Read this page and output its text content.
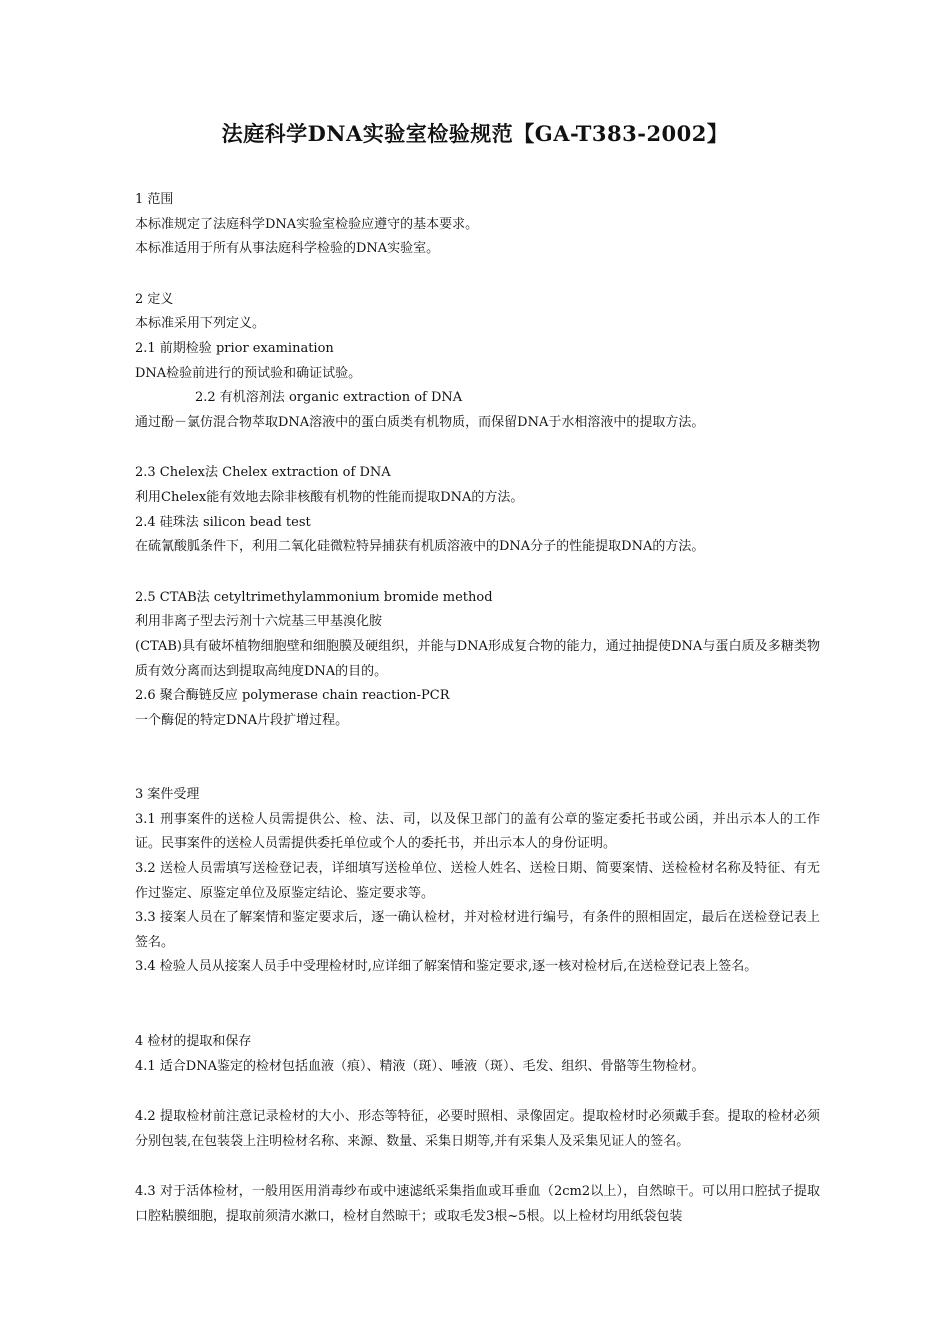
法庭科学DNA实验室检验规范【GA-T383-2002】
1 范围
本标准规定了法庭科学DNA实验室检验应遵守的基本要求。
本标准适用于所有从事法庭科学检验的DNA实验室。
2 定义
本标准采用下列定义。
2.1 前期检验 prior examination
DNA检验前进行的预试验和确证试验。
2.2 有机溶剂法 organic extraction of DNA
通过酚－氯仿混合物萃取DNA溶液中的蛋白质类有机物质，而保留DNA于水相溶液中的提取方法。
2.3 Chelex法 Chelex extraction of DNA
利用Chelex能有效地去除非核酸有机物的性能而提取DNA的方法。
2.4 硅珠法 silicon bead test
在硫氰酸胍条件下，利用二氧化硅微粒特异捕获有机质溶液中的DNA分子的性能提取DNA的方法。
2.5 CTAB法 cetyltrimethylammonium bromide method
利用非离子型去污剂十六烷基三甲基溴化胺
(CTAB)具有破坏植物细胞壁和细胞膜及硬组织，并能与DNA形成复合物的能力，通过抽提使DNA与蛋白质及多糖类物质有效分离而达到提取高纯度DNA的目的。
2.6 聚合酶链反应 polymerase chain reaction-PCR
一个酶促的特定DNA片段扩增过程。
3 案件受理
3.1 刑事案件的送检人员需提供公、检、法、司，以及保卫部门的盖有公章的鉴定委托书或公函，并出示本人的工作证。民事案件的送检人员需提供委托单位或个人的委托书，并出示本人的身份证明。
3.2 送检人员需填写送检登记表，详细填写送检单位、送检人姓名、送检日期、简要案情、送检检材名称及特征、有无作过鉴定、原鉴定单位及原鉴定结论、鉴定要求等。
3.3 接案人员在了解案情和鉴定要求后，逐一确认检材，并对检材进行编号，有条件的照相固定，最后在送检登记表上签名。
3.4 检验人员从接案人员手中受理检材时,应详细了解案情和鉴定要求,逐一核对检材后,在送检登记表上签名。
4 检材的提取和保存
4.1 适合DNA鉴定的检材包括血液（痕）、精液（斑）、唾液（斑）、毛发、组织、骨骼等生物检材。
4.2 提取检材前注意记录检材的大小、形态等特征，必要时照相、录像固定。提取检材时必须戴手套。提取的检材必须分别包装,在包装袋上注明检材名称、来源、数量、采集日期等,并有采集人及采集见证人的签名。
4.3 对于活体检材，一般用医用消毒纱布或中速滤纸采集指血或耳垂血（2cm2以上），自然晾干。可以用口腔拭子提取口腔粘膜细胞，提取前须清水漱口，检材自然晾干；或取毛发3根~5根。以上检材均用纸袋包装
